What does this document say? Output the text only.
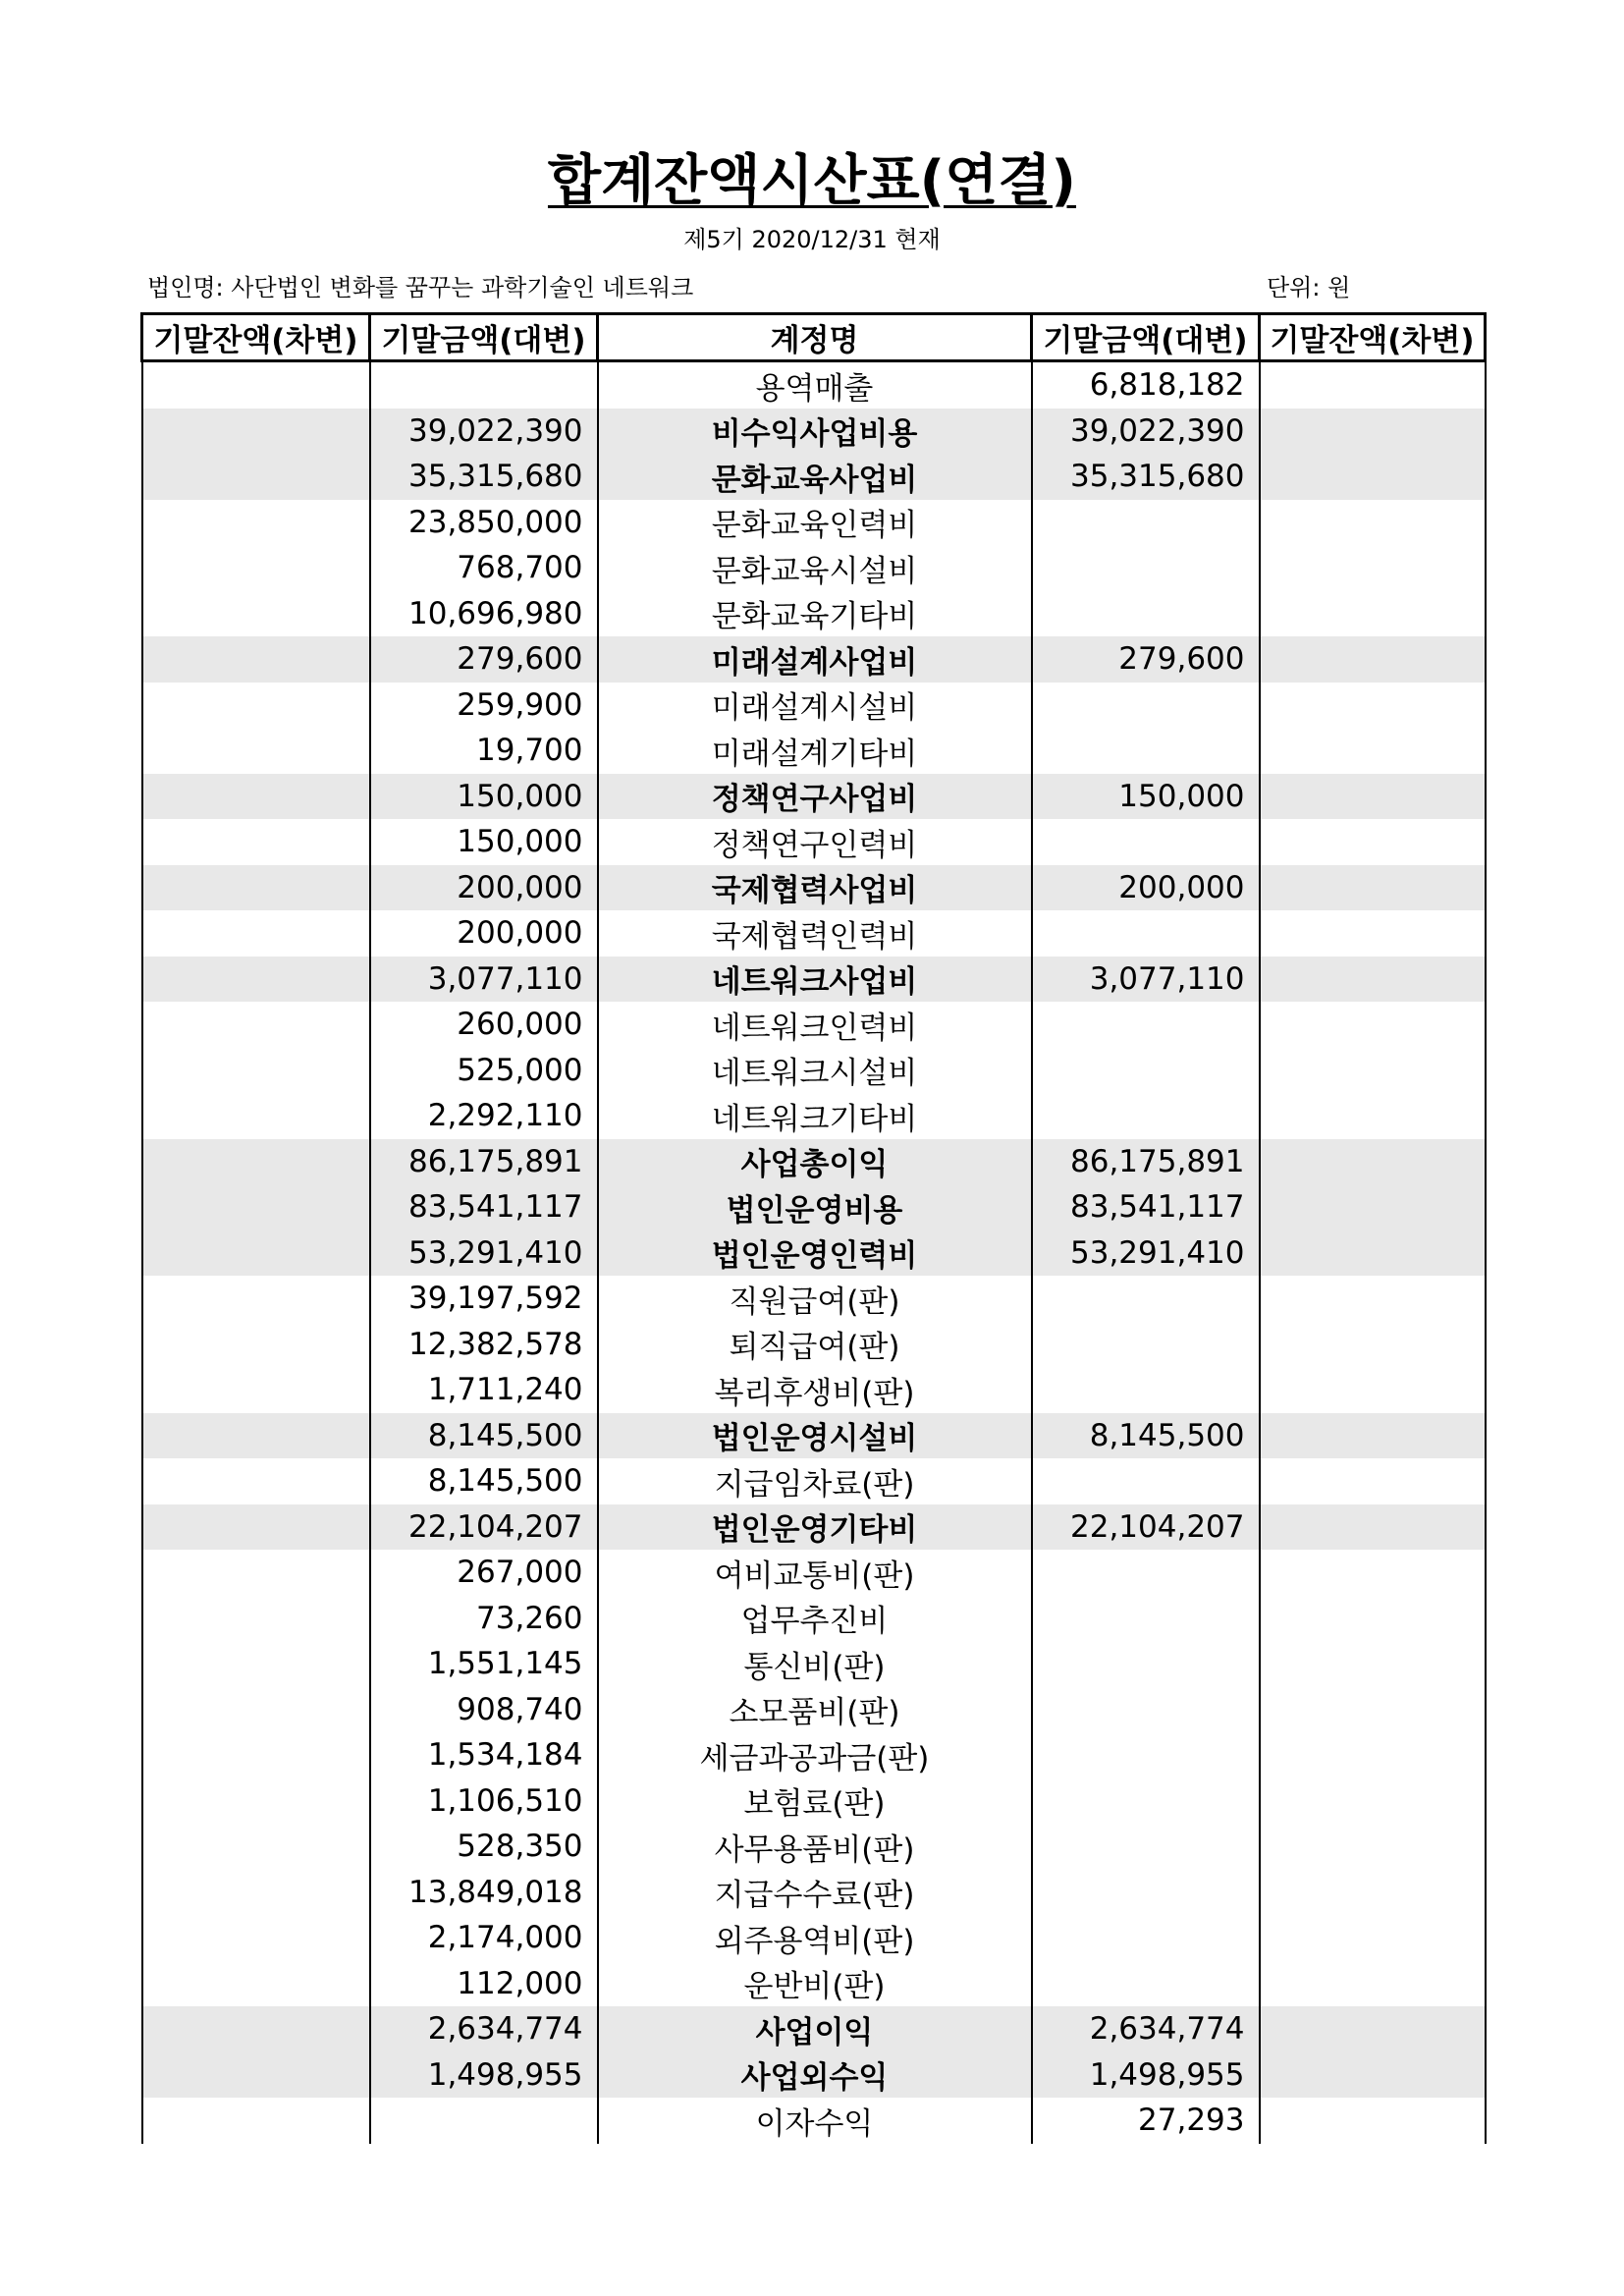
합계잔액시산표(연결)
제5기 2020/12/31 현재
법인명: 사단법인 변화를 꿈꾸는 과학기술인 네트워크	단위: 원
기말잔액(차변)	기말금액(대변)	계정명	기말금액(대변)	기말잔액(차변)
		용역매출	6,818,182	
	39,022,390	비수익사업비용	39,022,390	
	35,315,680	문화교육사업비	35,315,680	
	23,850,000	문화교육인력비		
	768,700	문화교육시설비		
	10,696,980	문화교육기타비		
	279,600	미래설계사업비	279,600	
	259,900	미래설계시설비		
	19,700	미래설계기타비		
	150,000	정책연구사업비	150,000	
	150,000	정책연구인력비		
	200,000	국제협력사업비	200,000	
	200,000	국제협력인력비		
	3,077,110	네트워크사업비	3,077,110	
	260,000	네트워크인력비		
	525,000	네트워크시설비		
	2,292,110	네트워크기타비		
	86,175,891	사업총이익	86,175,891	
	83,541,117	법인운영비용	83,541,117	
	53,291,410	법인운영인력비	53,291,410	
	39,197,592	직원급여(판)		
	12,382,578	퇴직급여(판)		
	1,711,240	복리후생비(판)		
	8,145,500	법인운영시설비	8,145,500	
	8,145,500	지급임차료(판)		
	22,104,207	법인운영기타비	22,104,207	
	267,000	여비교통비(판)		
	73,260	업무추진비		
	1,551,145	통신비(판)		
	908,740	소모품비(판)		
	1,534,184	세금과공과금(판)		
	1,106,510	보험료(판)		
	528,350	사무용품비(판)		
	13,849,018	지급수수료(판)		
	2,174,000	외주용역비(판)		
	112,000	운반비(판)		
	2,634,774	사업이익	2,634,774	
	1,498,955	사업외수익	1,498,955	
		이자수익	27,293	
